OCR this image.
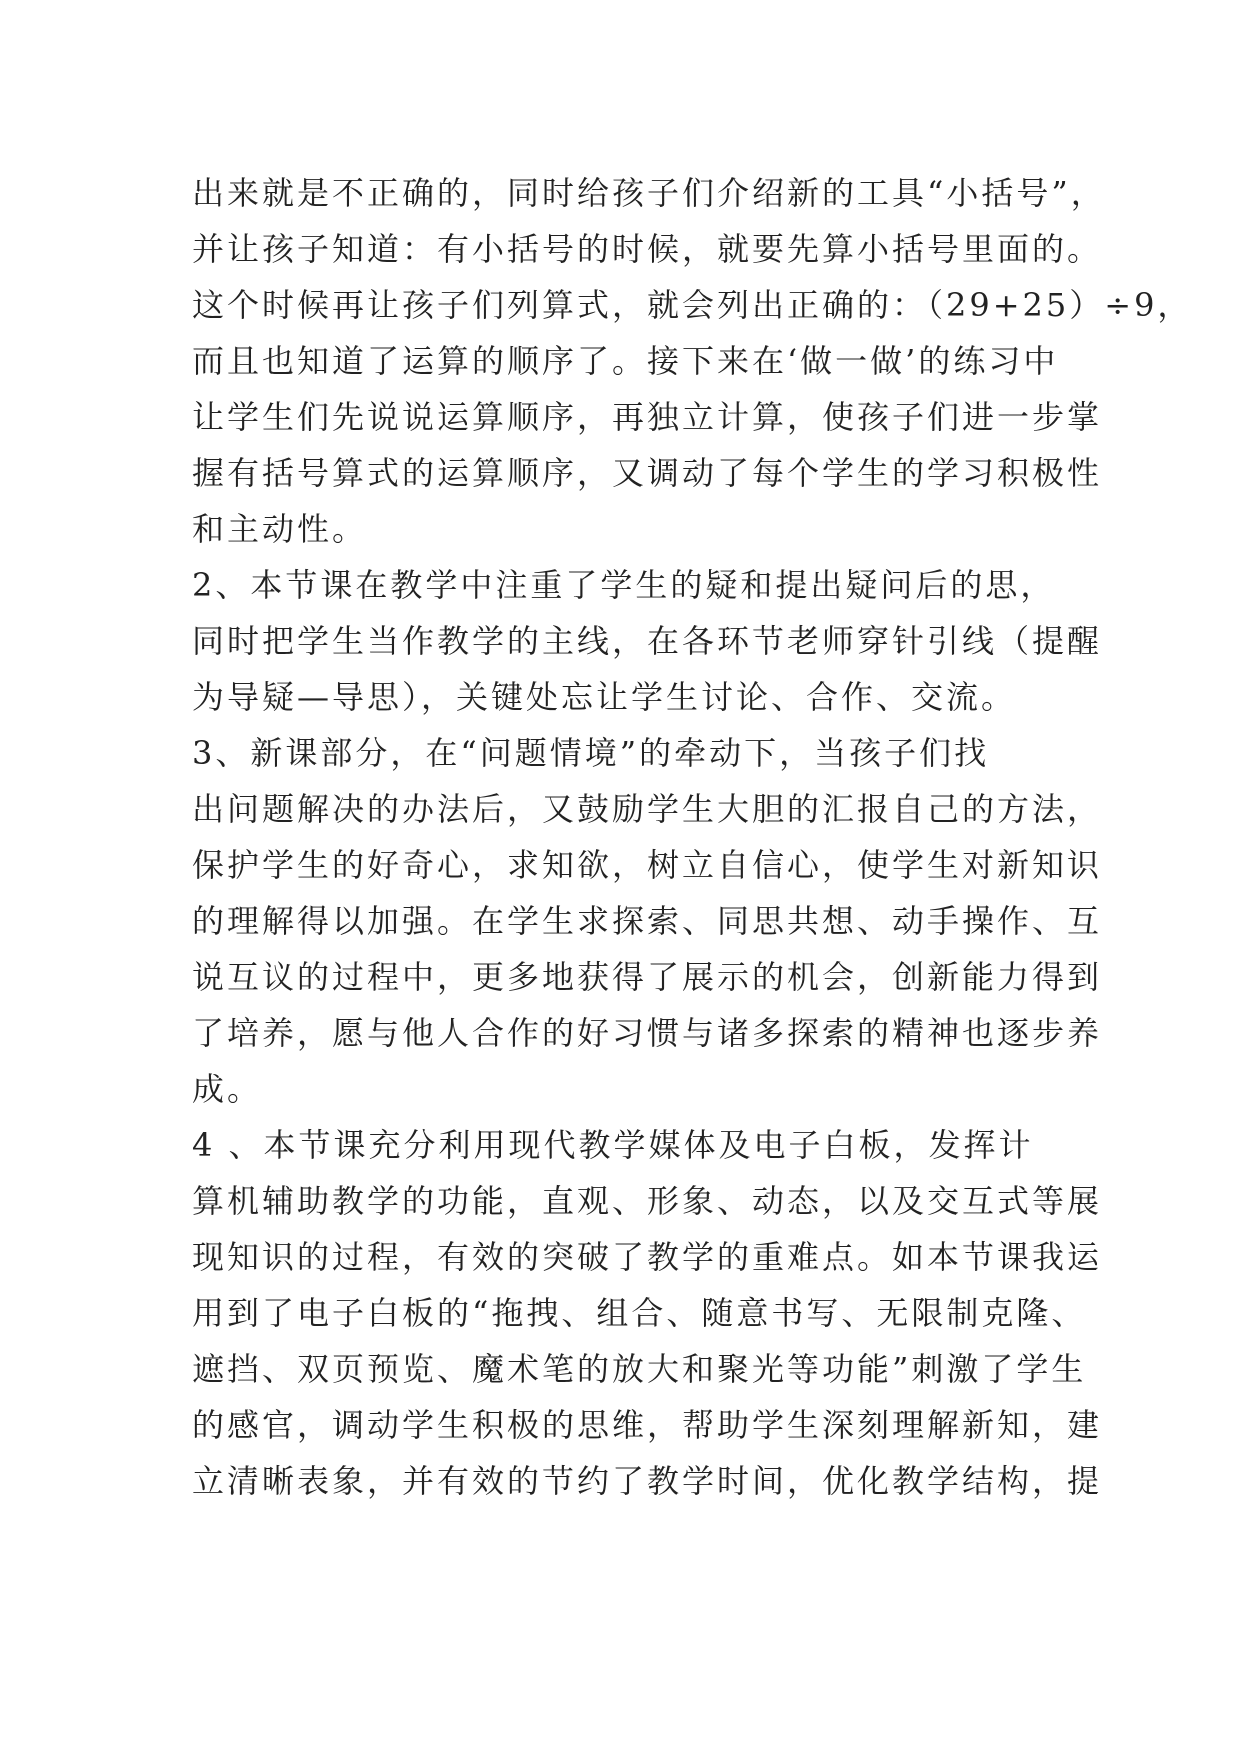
出来就是不正确的，同时给孩子们介绍新的工具“小括号”，
并让孩子知道：有小括号的时候，就要先算小括号里面的。
这个时候再让孩子们列算式，就会列出正确的：（29+25）÷9，
而且也知道了运算的顺序了。接下来在‘做一做’的练习中
让学生们先说说运算顺序，再独立计算，使孩子们进一步掌
握有括号算式的运算顺序，又调动了每个学生的学习积极性
和主动性。
2、本节课在教学中注重了学生的疑和提出疑问后的思，
同时把学生当作教学的主线，在各环节老师穿针引线（提醒
为导疑—导思），关键处忘让学生讨论、合作、交流。
3、新课部分，在“问题情境”的牵动下，当孩子们找
出问题解决的办法后，又鼓励学生大胆的汇报自己的方法，
保护学生的好奇心，求知欲，树立自信心，使学生对新知识
的理解得以加强。在学生求探索、同思共想、动手操作、互
说互议的过程中，更多地获得了展示的机会，创新能力得到
了培养，愿与他人合作的好习惯与诸多探索的精神也逐步养
成。
4 、本节课充分利用现代教学媒体及电子白板，发挥计
算机辅助教学的功能，直观、形象、动态，以及交互式等展
现知识的过程，有效的突破了教学的重难点。如本节课我运
用到了电子白板的“拖拽、组合、随意书写、无限制克隆、
遮挡、双页预览、魔术笔的放大和聚光等功能”刺激了学生
的感官，调动学生积极的思维，帮助学生深刻理解新知，建
立清晰表象，并有效的节约了教学时间，优化教学结构，提
